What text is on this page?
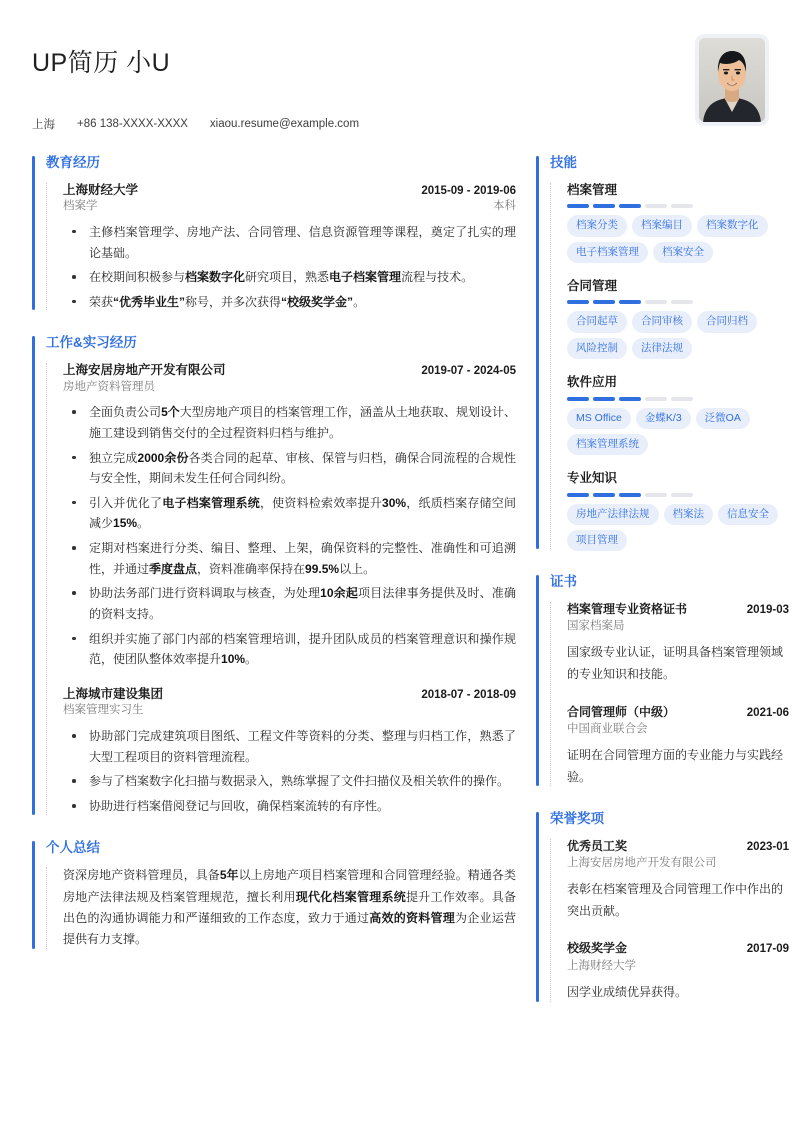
UP简历 小U
上海 +86 138-XXXX-XXXX xiaou.resume@example.com
教育经历
上海财经大学	2015-09 - 2019-06
档案学	本科
主修档案管理学、房地产法、合同管理、信息资源管理等课程，奠定了扎实的理论基础。
在校期间积极参与档案数字化研究项目，熟悉电子档案管理流程与技术。
荣获“优秀毕业生”称号，并多次获得“校级奖学金”。
工作&实习经历
上海安居房地产开发有限公司	2019-07 - 2024-05
房地产资料管理员
全面负责公司5个大型房地产项目的档案管理工作，涵盖从土地获取、规划设计、施工建设到销售交付的全过程资料归档与维护。
独立完成2000余份各类合同的起草、审核、保管与归档，确保合同流程的合规性与安全性，期间未发生任何合同纠纷。
引入并优化了电子档案管理系统，使资料检索效率提升30%，纸质档案存储空间减少15%。
定期对档案进行分类、编目、整理、上架，确保资料的完整性、准确性和可追溯性，并通过季度盘点，资料准确率保持在99.5%以上。
协助法务部门进行资料调取与核查，为处理10余起项目法律事务提供及时、准确的资料支持。
组织并实施了部门内部的档案管理培训，提升团队成员的档案管理意识和操作规范，使团队整体效率提升10%。
上海城市建设集团	2018-07 - 2018-09
档案管理实习生
协助部门完成建筑项目图纸、工程文件等资料的分类、整理与归档工作，熟悉了大型工程项目的资料管理流程。
参与了档案数字化扫描与数据录入，熟练掌握了文件扫描仪及相关软件的操作。
协助进行档案借阅登记与回收，确保档案流转的有序性。
个人总结

资深房地产资料管理员，具备5年以上房地产项目档案管理和合同管理经验。精通各类房地产法律法规及档案管理规范，擅长利用现代化档案管理系统提升工作效率。具备出色的沟通协调能力和严谨细致的工作态度，致力于通过高效的资料管理为企业运营提供有力支撑。

技能
档案管理
档案分类	档案编目	档案数字化
电子档案管理	档案安全
合同管理
合同起草	合同审核	合同归档
风险控制	法律法规
软件应用
MS Office	金蝶K/3	泛微OA
档案管理系统
专业知识
房地产法律法规	档案法	信息安全
项目管理
证书
档案管理专业资格证书	2019-03
国家档案局
国家级专业认证，证明具备档案管理领域的专业知识和技能。
合同管理师（中级）	2021-06
中国商业联合会
证明在合同管理方面的专业能力与实践经验。
荣誉奖项
优秀员工奖	2023-01
上海安居房地产开发有限公司
表彰在档案管理及合同管理工作中作出的突出贡献。
校级奖学金	2017-09
上海财经大学
因学业成绩优异获得。
